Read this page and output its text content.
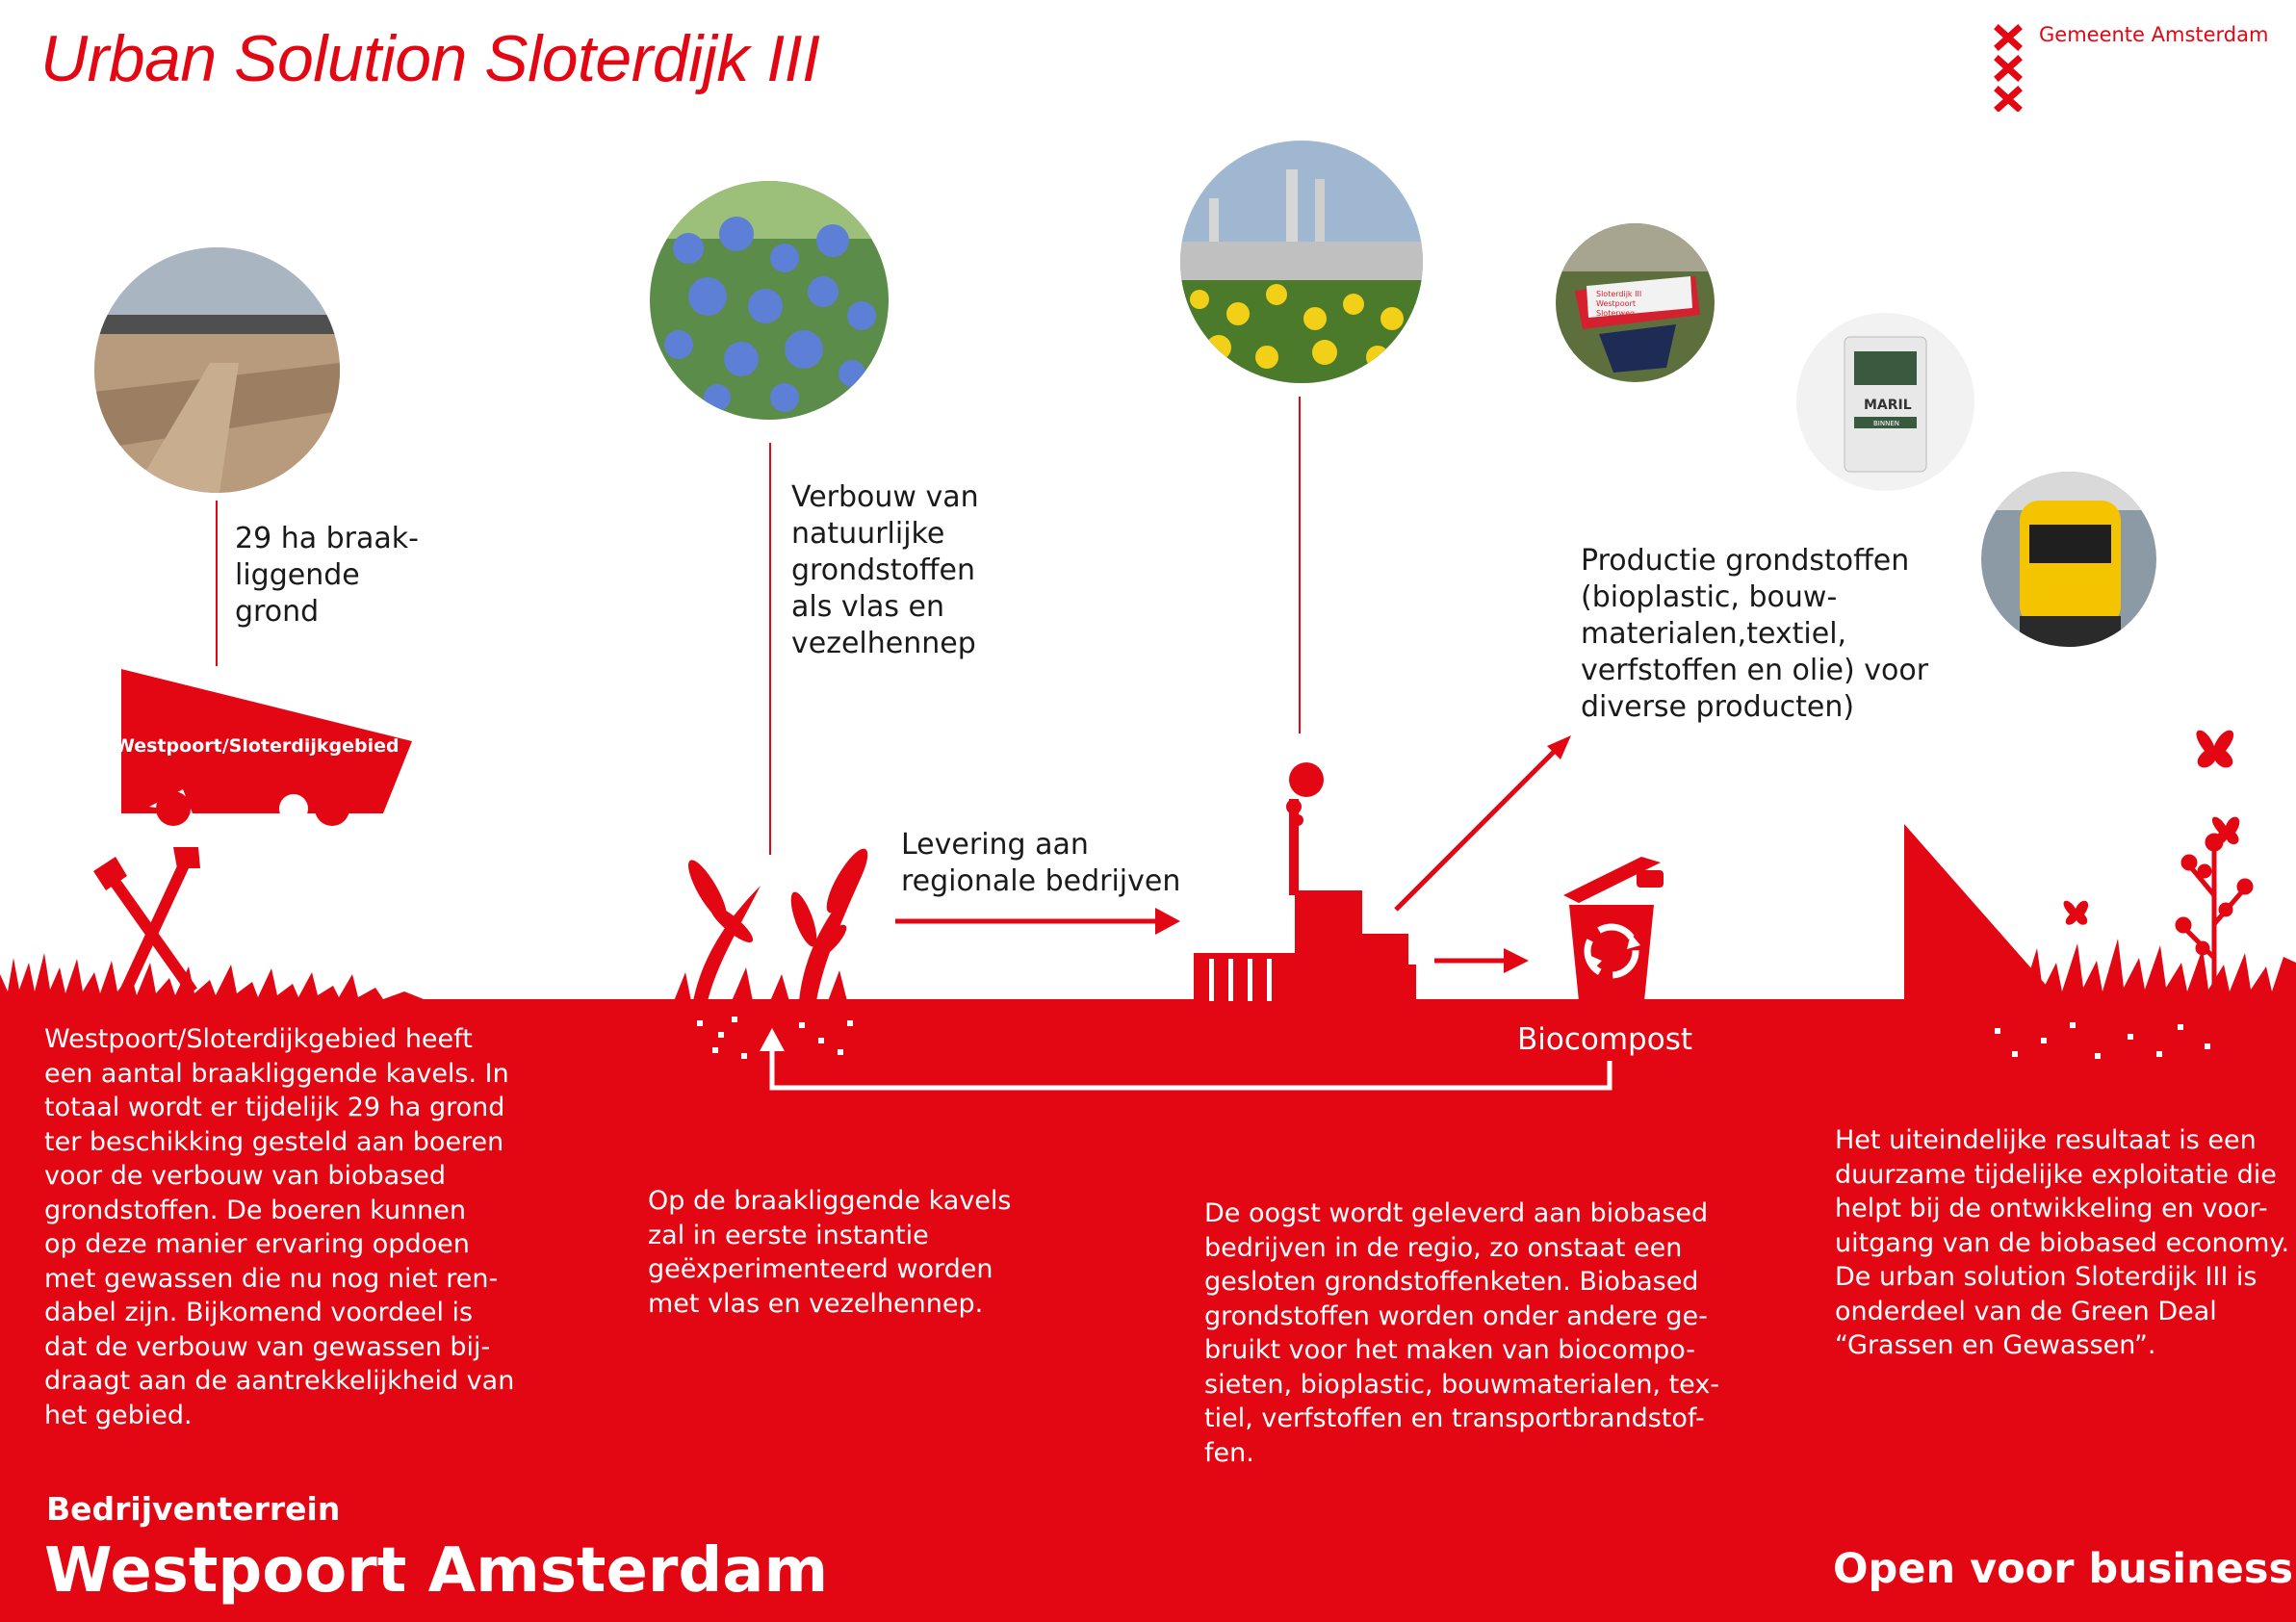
Urban Solution Sloterdijk III	Gemeente Amsterdam
Sloterdijk III
Westpoort
Sloterweg
MARIL
BINNEN
Westpoort/Sloterdijkgebied
29 ha braak-
liggende
grond
Verbouw van
natuurlijke
grondstoffen
als vlas en
vezelhennep
Levering aan
regionale bedrijven
Productie grondstoffen
(bioplastic, bouw-
materialen,textiel,
verfstoffen en olie) voor
diverse producten)
Biocompost
Westpoort/Sloterdijkgebied heeft
een aantal braakliggende kavels. In
totaal wordt er tijdelijk 29 ha grond
ter beschikking gesteld aan boeren
voor de verbouw van biobased
grondstoffen. De boeren kunnen
op deze manier ervaring opdoen
met gewassen die nu nog niet ren-
dabel zijn. Bijkomend voordeel is
dat de verbouw van gewassen bij-
draagt aan de aantrekkelijkheid van
het gebied.
Op de braakliggende kavels
zal in eerste instantie
geëxperimenteerd worden
met vlas en vezelhennep.
De oogst wordt geleverd aan biobased
bedrijven in de regio, zo onstaat een
gesloten grondstoffenketen. Biobased
grondstoffen worden onder andere ge-
bruikt voor het maken van biocompo-
sieten, bioplastic, bouwmaterialen, tex-
tiel, verfstoffen en transportbrandstof-
fen.
Het uiteindelijke resultaat is een
duurzame tijdelijke exploitatie die
helpt bij de ontwikkeling en voor-
uitgang van de biobased economy.
De urban solution Sloterdijk III is
onderdeel van de Green Deal
“Grassen en Gewassen”.
Bedrijventerrein
Westpoort Amsterdam	Open voor business
